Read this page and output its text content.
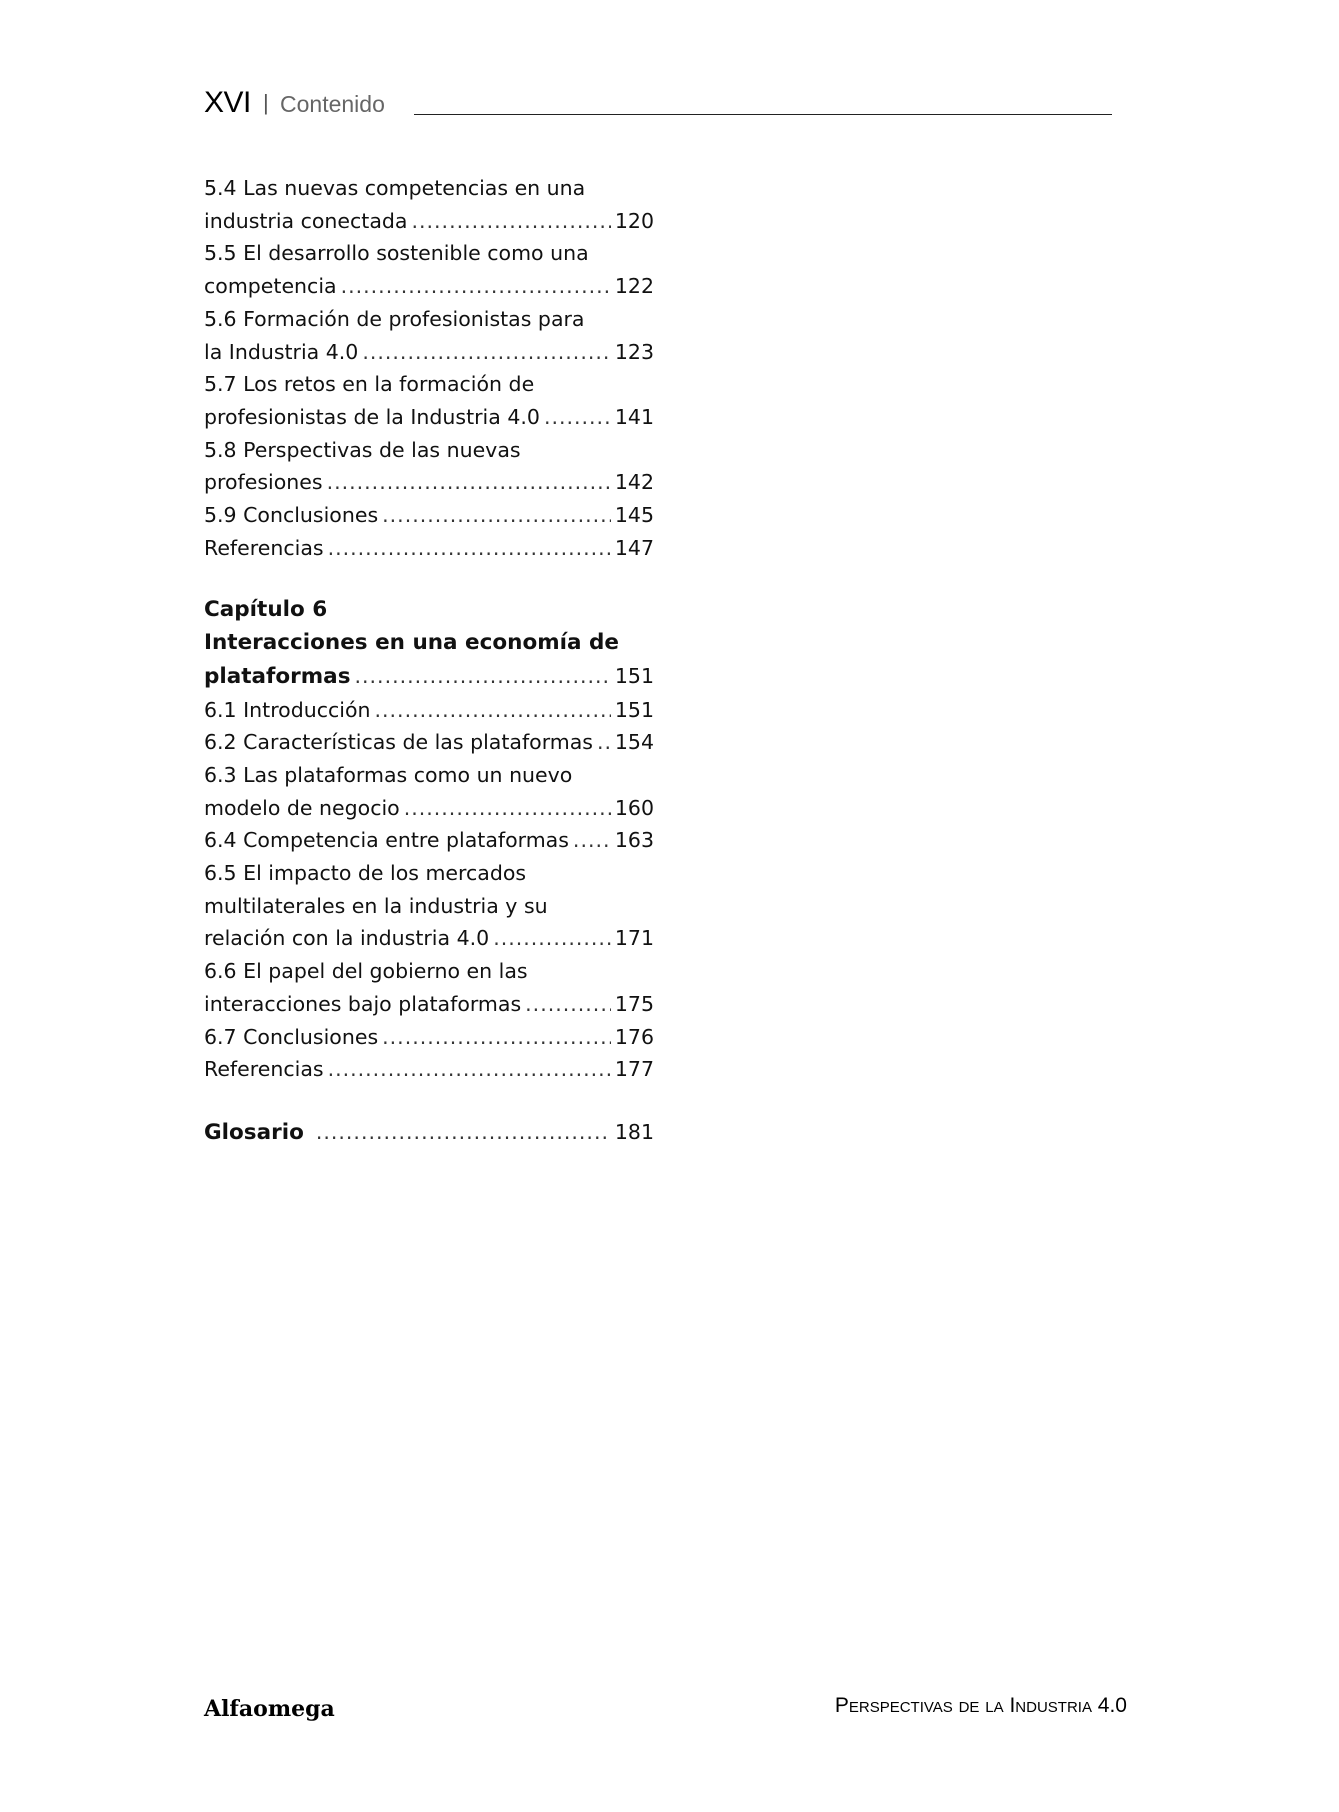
XVI | Contenido
5.4 Las nuevas competencias en una
industria conectada .....	120
5.5 El desarrollo sostenible como una
competencia .....	122
5.6 Formación de profesionistas para
la Industria 4.0 .....	123
5.7 Los retos en la formación de
profesionistas de la Industria 4.0 .....	141
5.8 Perspectivas de las nuevas
profesiones .....	142
5.9 Conclusiones .....	145
Referencias .....	147
Capítulo 6
Interacciones en una economía de
plataformas .....	151
6.1 Introducción .....	151
6.2 Características de las plataformas ..... 154
6.3 Las plataformas como un nuevo
modelo de negocio .....	160
6.4 Competencia entre plataformas ..... 163
6.5 El impacto de los mercados
multilaterales en la industria y su
relación con la industria 4.0 .....	171
6.6 El papel del gobierno en las
interacciones bajo plataformas .....	175
6.7 Conclusiones .....	176
Referencias .....	177
Glosario .....	181
Alfaomega	Perspectivas de la Industria 4.0
